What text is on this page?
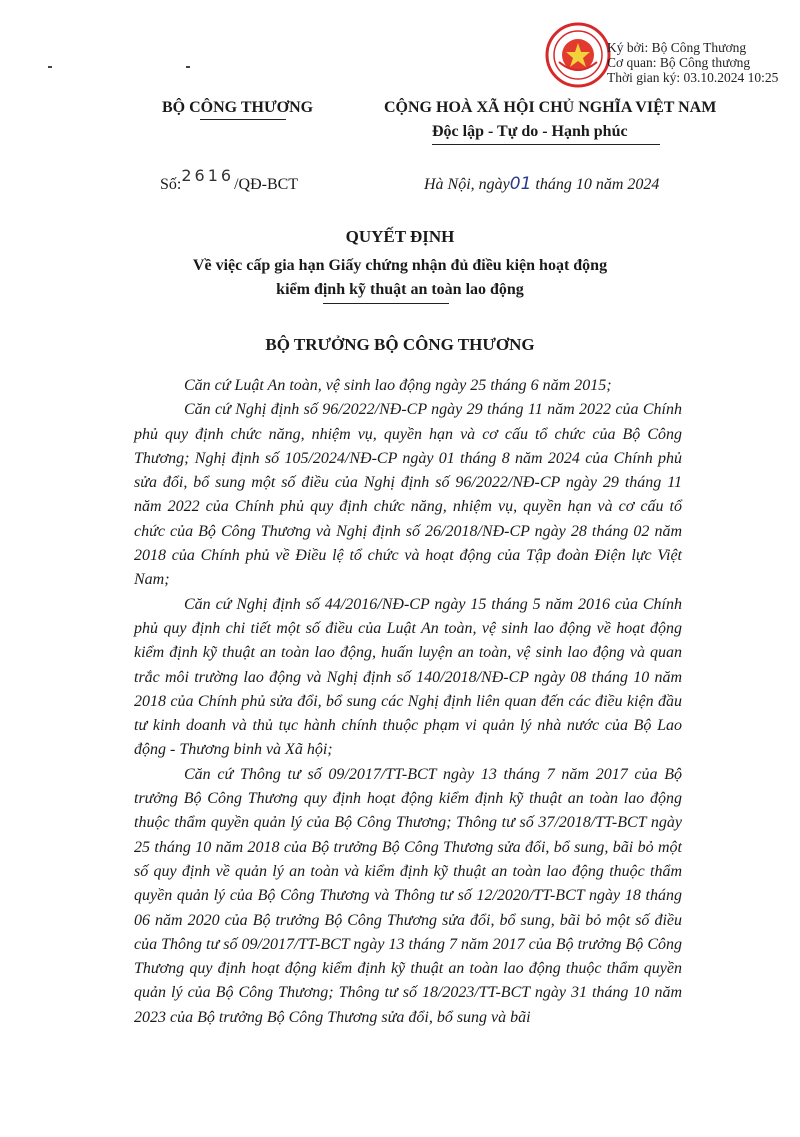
Ký bởi: Bộ Công Thương
Cơ quan: Bộ Công thương
Thời gian ký: 03.10.2024 10:25
BỘ CÔNG THƯƠNG	CỘNG HOÀ XÃ HỘI CHỦ NGHĨA VIỆT NAM
Độc lập - Tự do - Hạnh phúc
Số:2616/QĐ-BCT	Hà Nội, ngày01 tháng 10 năm 2024
QUYẾT ĐỊNH
Về việc cấp gia hạn Giấy chứng nhận đủ điều kiện hoạt động
kiểm định kỹ thuật an toàn lao động
BỘ TRƯỞNG BỘ CÔNG THƯƠNG

Căn cứ Luật An toàn, vệ sinh lao động ngày 25 tháng 6 năm 2015;

Căn cứ Nghị định số 96/2022/NĐ-CP ngày 29 tháng 11 năm 2022 của Chính phủ quy định chức năng, nhiệm vụ, quyền hạn và cơ cấu tổ chức của Bộ Công Thương; Nghị định số 105/2024/NĐ-CP ngày 01 tháng 8 năm 2024 của Chính phủ sửa đổi, bổ sung một số điều của Nghị định số 96/2022/NĐ-CP ngày 29 tháng 11 năm 2022 của Chính phủ quy định chức năng, nhiệm vụ, quyền hạn và cơ cấu tổ chức của Bộ Công Thương và Nghị định số 26/2018/NĐ-CP ngày 28 tháng 02 năm 2018 của Chính phủ về Điều lệ tổ chức và hoạt động của Tập đoàn Điện lực Việt Nam;

Căn cứ Nghị định số 44/2016/NĐ-CP ngày 15 tháng 5 năm 2016 của Chính phủ quy định chi tiết một số điều của Luật An toàn, vệ sinh lao động về hoạt động kiểm định kỹ thuật an toàn lao động, huấn luyện an toàn, vệ sinh lao động và quan trắc môi trường lao động và Nghị định số 140/2018/NĐ-CP ngày 08 tháng 10 năm 2018 của Chính phủ sửa đổi, bổ sung các Nghị định liên quan đến các điều kiện đầu tư kinh doanh và thủ tục hành chính thuộc phạm vi quản lý nhà nước của Bộ Lao động - Thương binh và Xã hội;

Căn cứ Thông tư số 09/2017/TT-BCT ngày 13 tháng 7 năm 2017 của Bộ trưởng Bộ Công Thương quy định hoạt động kiểm định kỹ thuật an toàn lao động thuộc thẩm quyền quản lý của Bộ Công Thương; Thông tư số 37/2018/TT-BCT ngày 25 tháng 10 năm 2018 của Bộ trưởng Bộ Công Thương sửa đổi, bổ sung, bãi bỏ một số quy định về quản lý an toàn và kiểm định kỹ thuật an toàn lao động thuộc thẩm quyền quản lý của Bộ Công Thương và Thông tư số 12/2020/TT-BCT ngày 18 tháng 06 năm 2020 của Bộ trưởng Bộ Công Thương sửa đổi, bổ sung, bãi bỏ một số điều của Thông tư số 09/2017/TT-BCT ngày 13 tháng 7 năm 2017 của Bộ trưởng Bộ Công Thương quy định hoạt động kiểm định kỹ thuật an toàn lao động thuộc thẩm quyền quản lý của Bộ Công Thương; Thông tư số 18/2023/TT-BCT ngày 31 tháng 10 năm 2023 của Bộ trưởng Bộ Công Thương sửa đổi, bổ sung và bãi
